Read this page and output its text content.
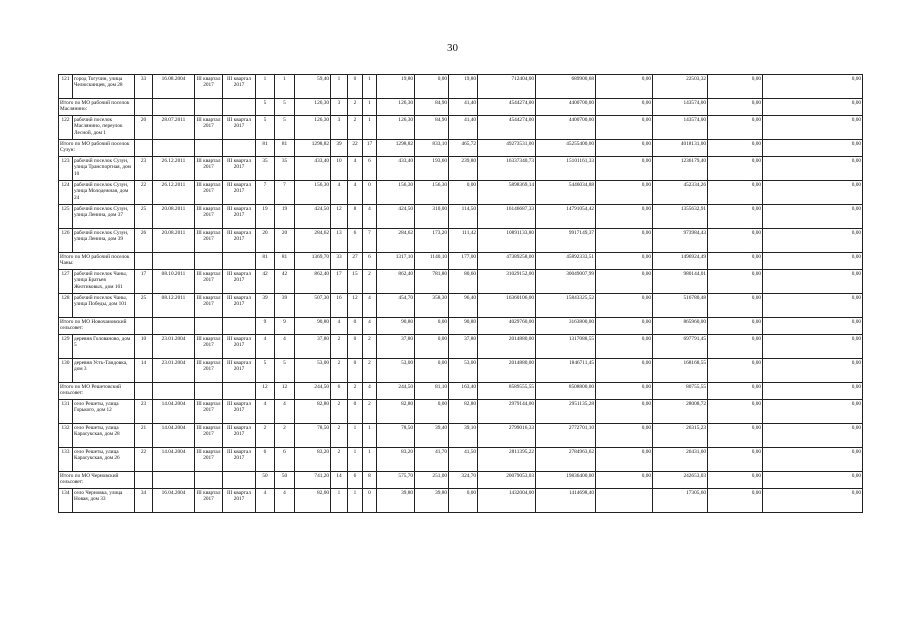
30
121	город Тогучин, улица Челюскинцев, дом 28	33	16.08.2004	III квартал 2017	III квартал 2017	1	1	59,40	1	0	1	19,80	0,00	19,80	712404,00	689900,68	0,00	22503,32	0,00	0,00
Итого по МО рабочий поселок Маслянино:						5	5	126,30	3	2	1	126,30	84,90	41,40	4544274,00	4400700,00	0,00	143574,00	0,00	0,00
122	рабочий поселок Маслянино, переулок Лесной, дом 1	20	28.07.2011	III квартал 2017	III квартал 2017	5	5	126,30	3	2	1	126,30	84,90	41,40	4544274,00	4400700,00	0,00	143574,00	0,00	0,00
Итого по МО рабочий поселок Сузун:						81	81	1298,82	39	22	17	1298,82	833,10	465,72	49273531,00	45255400,00	0,00	4018131,00	0,00	0,00
123	рабочий поселок Сузун, улица Транспортная, дом 10	23	26.12.2011	III квартал 2017	III квартал 2017	35	35	433,40	10	4	6	433,40	193,60	239,80	16337340,73	15101161,33	0,00	1236179,40	0,00	0,00
124	рабочий поселок Сузун, улица Молодежная, дом 24	22	26.12.2011	III квартал 2017	III квартал 2017	7	7	156,30	4	4	0	156,30	156,30	0,00	5898369,14	5446034,88	0,00	452334,26	0,00	0,00
125	рабочий поселок Сузун, улица Ленина, дом 37	25	20.08.2011	III квартал 2017	III квартал 2017	19	19	424,50	12	8	4	424,50	310,00	114,50	16146687,33	14791054,42	0,00	1355632,91	0,00	0,00
126	рабочий поселок Сузун, улица Ленина, дом 39	26	20.08.2011	III квартал 2017	III квартал 2017	20	20	284,62	13	6	7	284,62	173,20	111,42	10891133,80	9917149,37	0,00	973984,43	0,00	0,00
Итого по МО рабочий поселок Чаны:						81	81	1369,70	33	27	6	1317,10	1140,10	177,00	47389258,00	45892333,51	0,00	1496924,49	0,00	0,00
127	рабочий поселок Чаны, улица Братьев Желтиковых, дом 161	17	08.10.2011	III квартал 2017	III квартал 2017	42	42	862,40	17	15	2	862,40	781,80	80,60	31029152,00	30049007,99	0,00	980144,01	0,00	0,00
128	рабочий поселок Чаны, улица Победы, дом 101	25	08.12.2011	III квартал 2017	III квартал 2017	39	39	507,30	16	12	4	454,70	358,30	96,40	16360106,00	15843325,52	0,00	516780,48	0,00	0,00
Итого по МО Новочановский сельсовет:						9	9	90,80	4	0	4	90,80	0,00	90,80	4029760,00	3163800,00	0,00	865960,00	0,00	0,00
129	деревня Голованово, дом 5	10	23.01.2004	III квартал 2017	III квартал 2017	4	4	37,80	2	0	2	37,80	0,00	37,80	2014880,00	1317088,55	0,00	697791,45	0,00	0,00
130	деревня Усть-Таидовка, дом 3	14	23.01.2004	III квартал 2017	III квартал 2017	5	5	53,00	2	0	2	53,00	0,00	53,00	2014880,00	1846711,45	0,00	168168,55	0,00	0,00
Итого по МО Решетовский сельсовет:						12	12	244,50	6	2	4	244,50	81,10	163,40	8589555,55	8508800,00	0,00	80755,55	0,00	0,00
131	село Решеты, улица Горького, дом 12	23	14.04.2004	III квартал 2017	III квартал 2017	4	4	82,80	2	0	2	82,80	0,00	82,80	2979144,00	2951135,28	0,00	28008,72	0,00	0,00
132	село Решеты, улица Карасукская, дом 28	21	14.04.2004	III квартал 2017	III квартал 2017	2	2	78,50	2	1	1	78,50	39,40	39,10	2799016,33	2772701,10	0,00	26315,23	0,00	0,00
133	село Решеты, улица Карасукская, дом 26	22	14.04.2004	III квартал 2017	III квартал 2017	6	6	83,20	2	1	1	83,20	41,70	41,50	2811395,22	2784963,62	0,00	26431,60	0,00	0,00
Итого по МО Черновский сельсовет:						50	50	741,20	14	6	8	575,70	251,00	324,70	20079053,03	19836400,00	0,00	242653,03	0,00	0,00
134	село Черновка, улица Новая, дом 33	34	16.04.2004	III квартал 2017	III квартал 2017	4	4	82,00	1	1	0	39,80	39,80	0,00	1432004,00	1414698,40		17305,60	0,00	0,00
